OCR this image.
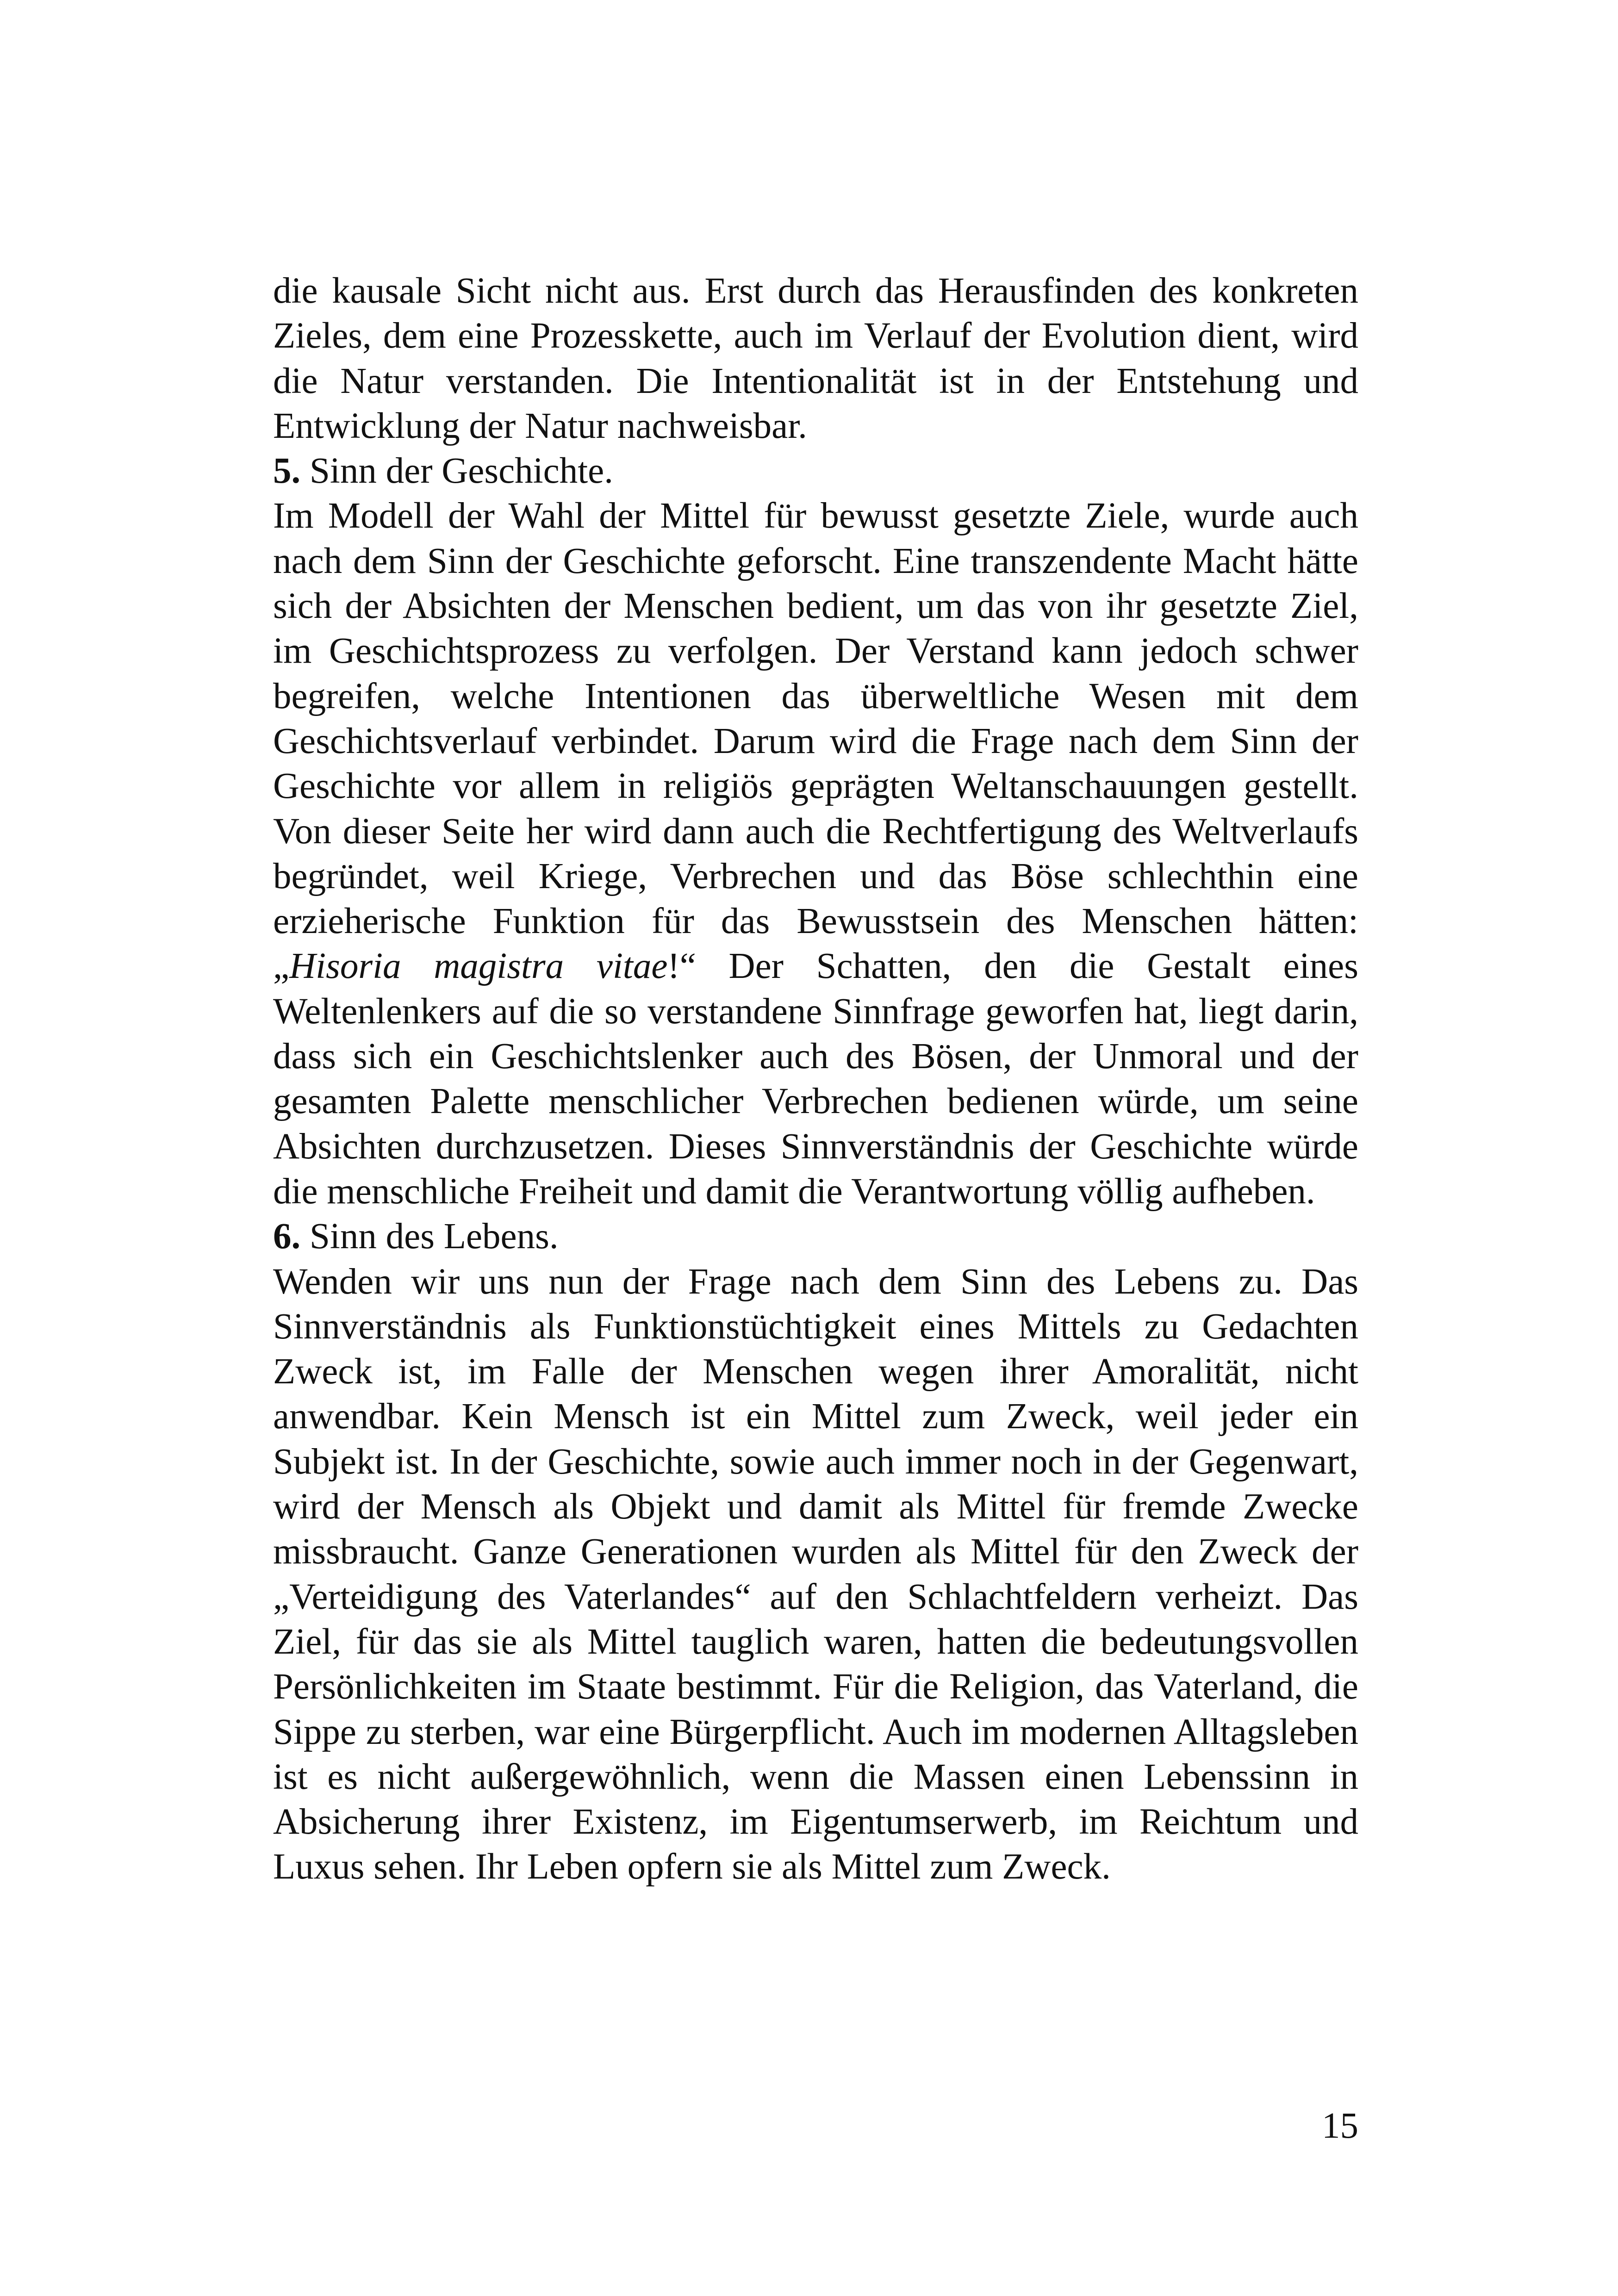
die kausale Sicht nicht aus. Erst durch das Herausfinden des konkreten Zieles, dem eine Prozesskette, auch im Verlauf der Evolution dient, wird die Natur verstanden. Die Intentionalität ist in der Entstehung und Entwicklung der Natur nachweisbar.

5. Sinn der Geschichte.

Im Modell der Wahl der Mittel für bewusst gesetzte Ziele, wurde auch nach dem Sinn der Geschichte geforscht. Eine transzendente Macht hätte sich der Absichten der Menschen bedient, um das von ihr gesetzte Ziel, im Geschichtsprozess zu verfolgen. Der Verstand kann jedoch schwer begreifen, welche Intentionen das überweltliche Wesen mit dem Geschichtsverlauf verbindet. Darum wird die Frage nach dem Sinn der Geschichte vor allem in religiös geprägten Weltanschauungen gestellt. Von dieser Seite her wird dann auch die Rechtfertigung des Weltverlaufs begründet, weil Kriege, Verbrechen und das Böse schlechthin eine erzieherische Funktion für das Bewusstsein des Menschen hätten: „Hisoria magistra vitae!“ Der Schatten, den die Gestalt eines Weltenlenkers auf die so verstandene Sinnfrage geworfen hat, liegt darin, dass sich ein Geschichtslenker auch des Bösen, der Unmoral und der gesamten Palette menschlicher Verbrechen bedienen würde, um seine Absichten durchzusetzen. Dieses Sinnverständnis der Geschichte würde die menschliche Freiheit und damit die Verantwortung völlig aufheben.

6. Sinn des Lebens.

Wenden wir uns nun der Frage nach dem Sinn des Lebens zu. Das Sinnverständnis als Funktionstüchtigkeit eines Mittels zu Gedachten Zweck ist, im Falle der Menschen wegen ihrer Amoralität, nicht anwendbar. Kein Mensch ist ein Mittel zum Zweck, weil jeder ein Subjekt ist. In der Geschichte, sowie auch immer noch in der Gegenwart, wird der Mensch als Objekt und damit als Mittel für fremde Zwecke missbraucht. Ganze Generationen wurden als Mittel für den Zweck der „Verteidigung des Vaterlandes“ auf den Schlachtfeldern verheizt. Das Ziel, für das sie als Mittel tauglich waren, hatten die bedeutungsvollen Persönlichkeiten im Staate bestimmt. Für die Religion, das Vaterland, die Sippe zu sterben, war eine Bürgerpflicht. Auch im modernen Alltagsleben ist es nicht außergewöhnlich, wenn die Massen einen Lebenssinn in Absicherung ihrer Existenz, im Eigentumserwerb, im Reichtum und Luxus sehen. Ihr Leben opfern sie als Mittel zum Zweck.

15
